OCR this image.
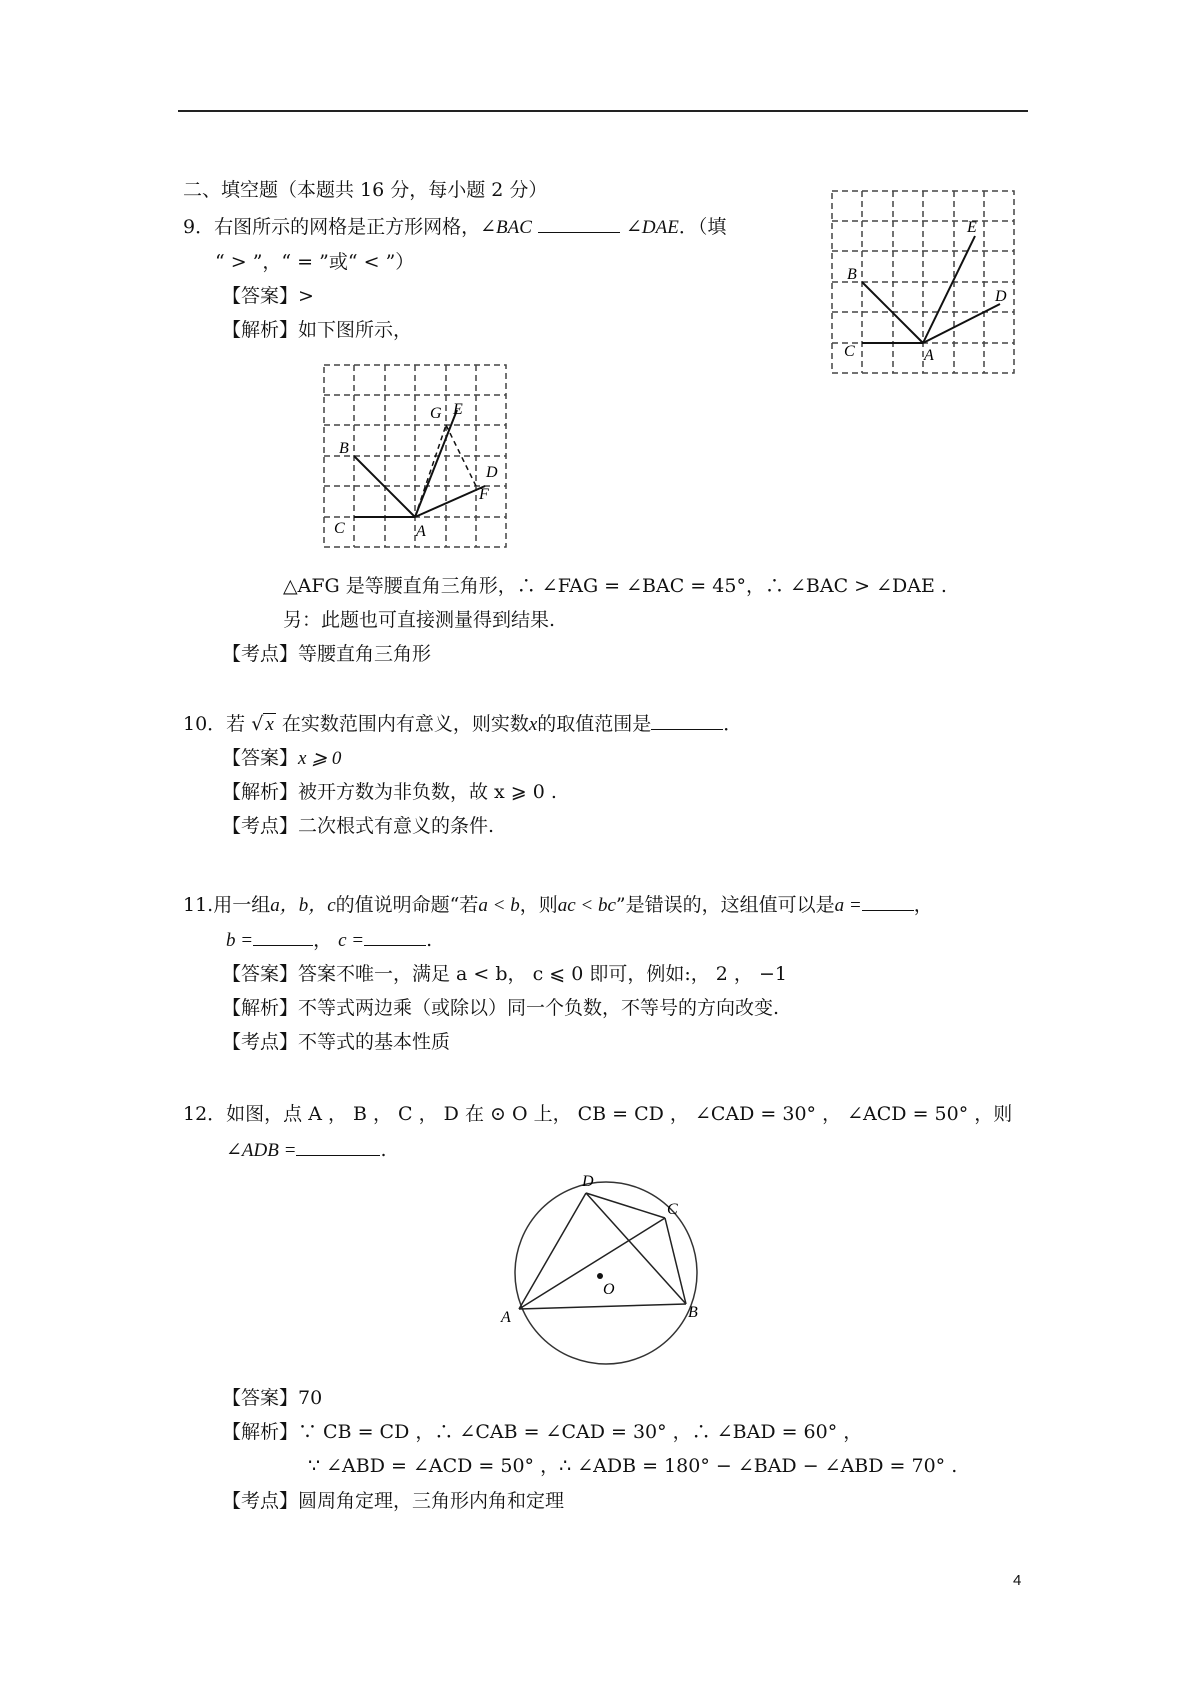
二、填空题（本题共 16 分，每小题 2 分）
9．右图所示的网格是正方形网格，∠BAC	∠DAE．（填
“ > ”，“ = ”或“ < ”）
【答案】>
【解析】如下图所示，
C	A
B
E
D
C	A
B
G E
D
F
△AFG 是等腰直角三角形，∴ ∠FAG = ∠BAC = 45°，∴ ∠BAC > ∠DAE .
另：此题也可直接测量得到结果.
【考点】等腰直角三角形
10．若 √ x 在实数范围内有意义，则实数x的取值范围是	．
【答案】x ⩾ 0
【解析】被开方数为非负数，故 x ⩾ 0 .
【考点】二次根式有意义的条件.
11.用一组a，b，c的值说明命题“若a < b，则ac < bc”是错误的，这组值可以是a =	，
b =	， c =	.
【答案】答案不唯一，满足 a < b， c ⩽ 0 即可，例如:， 2 ， −1
【解析】不等式两边乘（或除以）同一个负数，不等号的方向改变.
【考点】不等式的基本性质
12．如图，点 A ， B ， C ， D 在 ⊙ O 上， CB = CD ， ∠CAD = 30° ， ∠ACD = 50° ，则
∠ADB =	.
D
C
O
A	B
【答案】70
【解析】∵ CB = CD ，∴ ∠CAB = ∠CAD = 30° ，∴ ∠BAD = 60° ，
∵ ∠ABD = ∠ACD = 50° ，∴ ∠ADB = 180° − ∠BAD − ∠ABD = 70° .
【考点】圆周角定理，三角形内角和定理
4
